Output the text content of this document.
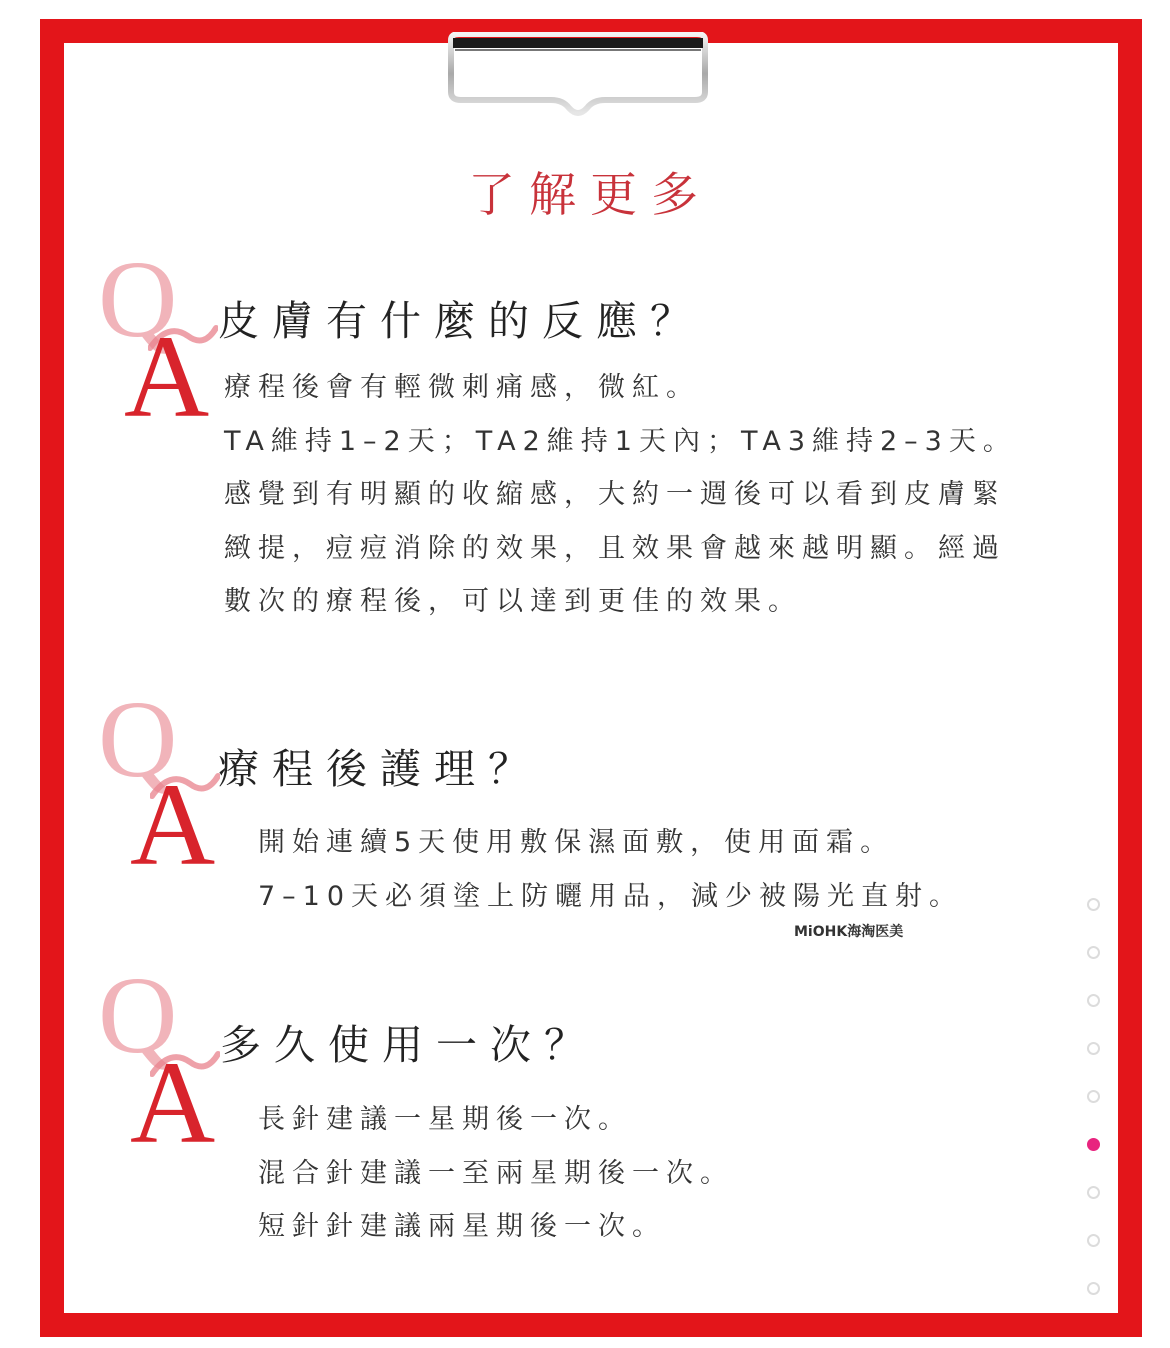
了解更多
Q
A 皮膚有什麼的反應？
療程後會有輕微刺痛感，微紅。
TA維持1–2天；TA2維持1天內；TA3維持2–3天。
感覺到有明顯的收縮感，大約一週後可以看到皮膚緊
緻提，痘痘消除的效果，且效果會越來越明顯。經過
數次的療程後，可以達到更佳的效果。
Q
A 療程後護理？
開始連續5天使用敷保濕面敷，使用面霜。
7–10天必須塗上防曬用品，減少被陽光直射。
MiOHK海淘医美
Q
A 多久使用一次？
長針建議一星期後一次。
混合針建議一至兩星期後一次。
短針針建議兩星期後一次。
